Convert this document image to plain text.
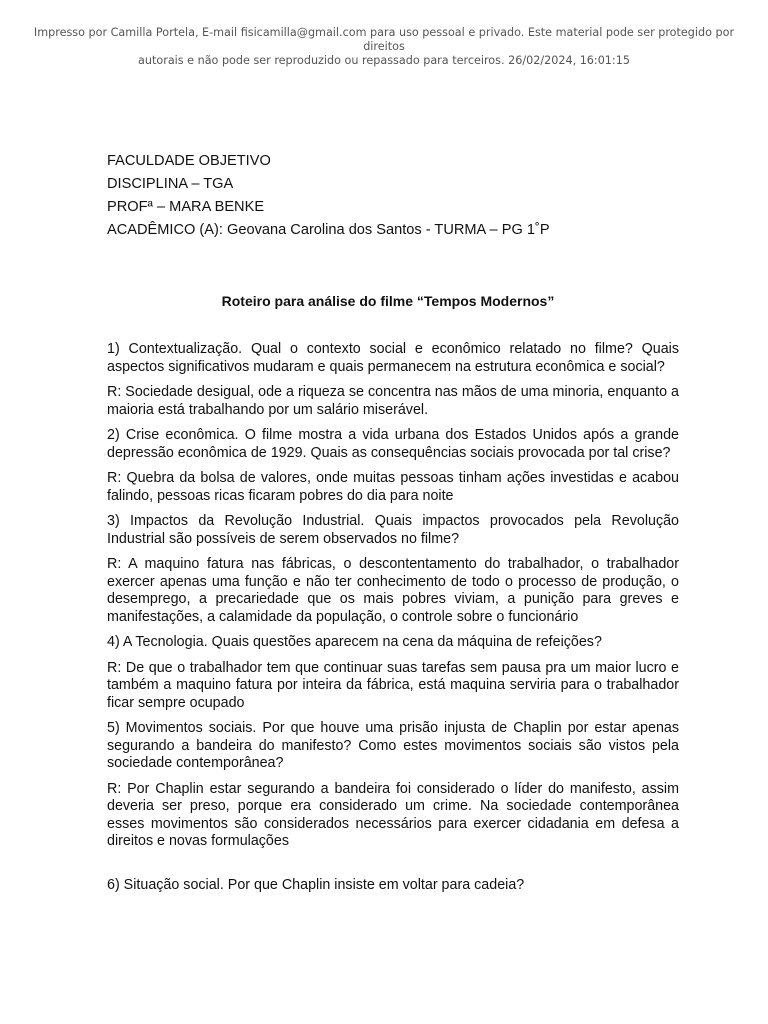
Impresso por Camilla Portela, E-mail fisicamilla@gmail.com para uso pessoal e privado. Este material pode ser protegido por direitos
autorais e não pode ser reproduzido ou repassado para terceiros. 26/02/2024, 16:01:15
FACULDADE OBJETIVO
DISCIPLINA – TGA
PROFª – MARA BENKE
ACADÊMICO (A): Geovana Carolina dos Santos - TURMA – PG 1˚P
Roteiro para análise do filme “Tempos Modernos”

1) Contextualização. Qual o contexto social e econômico relatado no filme? Quais aspectos significativos mudaram e quais permanecem na estrutura econômica e social?

R: Sociedade desigual, ode a riqueza se concentra nas mãos de uma minoria, enquanto a maioria está trabalhando por um salário miserável.

2) Crise econômica. O filme mostra a vida urbana dos Estados Unidos após a grande depressão econômica de 1929. Quais as consequências sociais provocada por tal crise?

R: Quebra da bolsa de valores, onde muitas pessoas tinham ações investidas e acabou falindo, pessoas ricas ficaram pobres do dia para noite

3) Impactos da Revolução Industrial. Quais impactos provocados pela Revolução Industrial são possíveis de serem observados no filme?

R: A maquino fatura nas fábricas, o descontentamento do trabalhador, o trabalhador exercer apenas uma função e não ter conhecimento de todo o processo de produção, o desemprego, a precariedade que os mais pobres viviam, a punição para greves e manifestações, a calamidade da população, o controle sobre o funcionário

4) A Tecnologia. Quais questões aparecem na cena da máquina de refeições?

R: De que o trabalhador tem que continuar suas tarefas sem pausa pra um maior lucro e também a maquino fatura por inteira da fábrica, está maquina serviria para o trabalhador ficar sempre ocupado

5) Movimentos sociais. Por que houve uma prisão injusta de Chaplin por estar apenas segurando a bandeira do manifesto? Como estes movimentos sociais são vistos pela sociedade contemporânea?

R: Por Chaplin estar segurando a bandeira foi considerado o líder do manifesto, assim deveria ser preso, porque era considerado um crime. Na sociedade contemporânea esses movimentos são considerados necessários para exercer cidadania em defesa a direitos e novas formulações

6) Situação social. Por que Chaplin insiste em voltar para cadeia?
